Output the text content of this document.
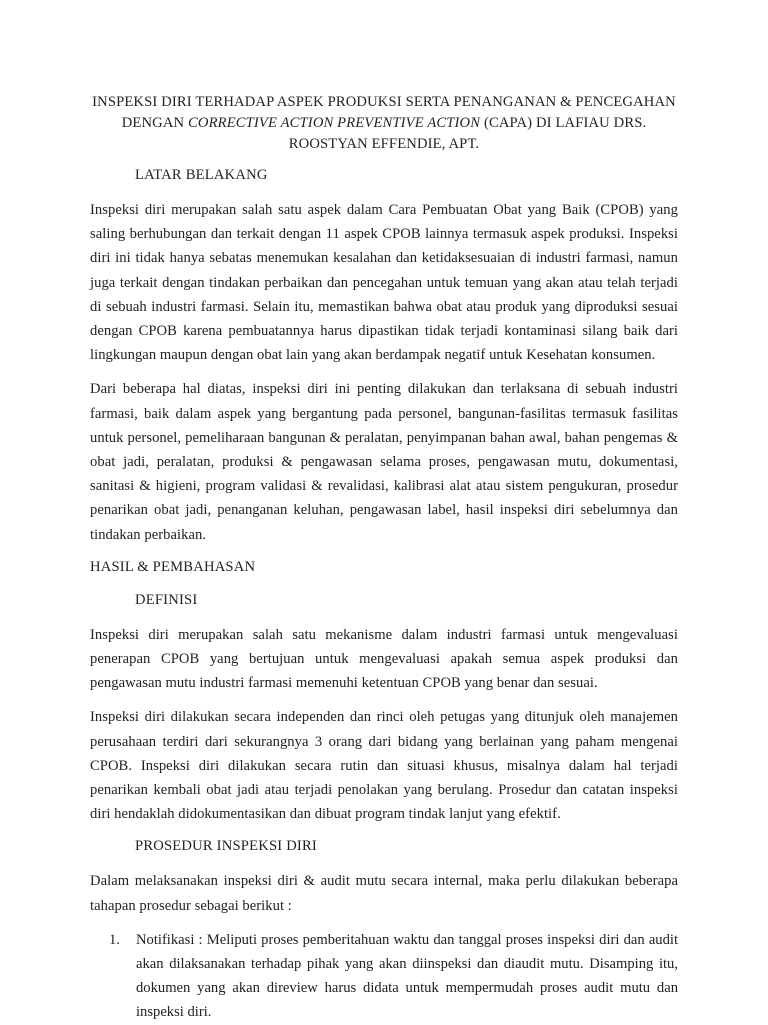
INSPEKSI DIRI TERHADAP ASPEK PRODUKSI SERTA PENANGANAN & PENCEGAHAN
DENGAN CORRECTIVE ACTION PREVENTIVE ACTION (CAPA) DI LAFIAU DRS.
ROOSTYAN EFFENDIE, APT.
LATAR BELAKANG

Inspeksi diri merupakan salah satu aspek dalam Cara Pembuatan Obat yang Baik (CPOB) yang saling berhubungan dan terkait dengan 11 aspek CPOB lainnya termasuk aspek produksi. Inspeksi diri ini tidak hanya sebatas menemukan kesalahan dan ketidaksesuaian di industri farmasi, namun juga terkait dengan tindakan perbaikan dan pencegahan untuk temuan yang akan atau telah terjadi di sebuah industri farmasi. Selain itu, memastikan bahwa obat atau produk yang diproduksi sesuai dengan CPOB karena pembuatannya harus dipastikan tidak terjadi kontaminasi silang baik dari lingkungan maupun dengan obat lain yang akan berdampak negatif untuk Kesehatan konsumen.

Dari beberapa hal diatas, inspeksi diri ini penting dilakukan dan terlaksana di sebuah industri farmasi, baik dalam aspek yang bergantung pada personel, bangunan-fasilitas termasuk fasilitas untuk personel, pemeliharaan bangunan & peralatan, penyimpanan bahan awal, bahan pengemas & obat jadi, peralatan, produksi & pengawasan selama proses, pengawasan mutu, dokumentasi, sanitasi & higieni, program validasi & revalidasi, kalibrasi alat atau sistem pengukuran, prosedur penarikan obat jadi, penanganan keluhan, pengawasan label, hasil inspeksi diri sebelumnya dan tindakan perbaikan.

HASIL & PEMBAHASAN
DEFINISI

Inspeksi diri merupakan salah satu mekanisme dalam industri farmasi untuk mengevaluasi penerapan CPOB yang bertujuan untuk mengevaluasi apakah semua aspek produksi dan pengawasan mutu industri farmasi memenuhi ketentuan CPOB yang benar dan sesuai.

Inspeksi diri dilakukan secara independen dan rinci oleh petugas yang ditunjuk oleh manajemen perusahaan terdiri dari sekurangnya 3 orang dari bidang yang berlainan yang paham mengenai CPOB. Inspeksi diri dilakukan secara rutin dan situasi khusus, misalnya dalam hal terjadi penarikan kembali obat jadi atau terjadi penolakan yang berulang. Prosedur dan catatan inspeksi diri hendaklah didokumentasikan dan dibuat program tindak lanjut yang efektif.

PROSEDUR INSPEKSI DIRI

Dalam melaksanakan inspeksi diri & audit mutu secara internal, maka perlu dilakukan beberapa tahapan prosedur sebagai berikut :

1.	Notifikasi : Meliputi proses pemberitahuan waktu dan tanggal proses inspeksi diri dan audit akan dilaksanakan terhadap pihak yang akan diinspeksi dan diaudit mutu. Disamping itu, dokumen yang akan direview harus didata untuk mempermudah proses audit mutu dan inspeksi diri.
